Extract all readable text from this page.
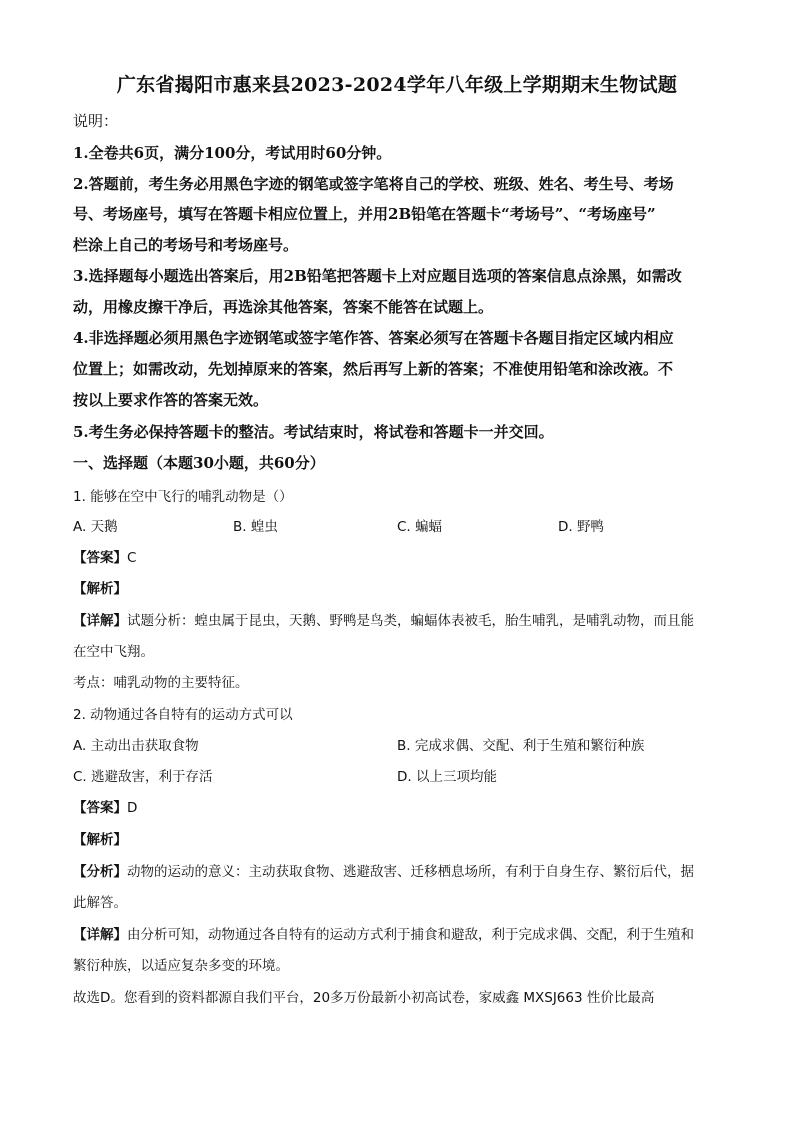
广东省揭阳市惠来县2023-2024学年八年级上学期期末生物试题
说明：
1.全卷共6页，满分100分，考试用时60分钟。
2.答题前，考生务必用黑色字迹的钢笔或签字笔将自己的学校、班级、姓名、考生号、考场
号、考场座号，填写在答题卡相应位置上，并用2B铅笔在答题卡“考场号”、“考场座号”
栏涂上自己的考场号和考场座号。
3.选择题每小题选出答案后，用2B铅笔把答题卡上对应题目选项的答案信息点涂黑，如需改
动，用橡皮擦干净后，再选涂其他答案，答案不能答在试题上。
4.非选择题必须用黑色字迹钢笔或签字笔作答、答案必须写在答题卡各题目指定区域内相应
位置上；如需改动，先划掉原来的答案，然后再写上新的答案；不准使用铅笔和涂改液。不
按以上要求作答的答案无效。
5.考生务必保持答题卡的整洁。考试结束时，将试卷和答题卡一并交回。
一、选择题（本题30小题，共60分）
1. 能够在空中飞行的哺乳动物是（）
A. 天鹅	B. 蝗虫	C. 蝙蝠	D. 野鸭
【答案】C
【解析】
【详解】试题分析：蝗虫属于昆虫，天鹅、野鸭是鸟类，蝙蝠体表被毛，胎生哺乳，是哺乳动物，而且能
在空中飞翔。
考点：哺乳动物的主要特征。
2. 动物通过各自特有的运动方式可以
A. 主动出击获取食物	B. 完成求偶、交配、利于生殖和繁衍种族
C. 逃避敌害，利于存活	D. 以上三项均能
【答案】D
【解析】
【分析】动物的运动的意义：主动获取食物、逃避敌害、迁移栖息场所，有利于自身生存、繁衍后代，据
此解答。
【详解】由分析可知，动物通过各自特有的运动方式利于捕食和避敌，利于完成求偶、交配，利于生殖和
繁衍种族，以适应复杂多变的环境。
故选D。您看到的资料都源自我们平台，20多万份最新小初高试卷，家威鑫 MXSJ663 性价比最高
